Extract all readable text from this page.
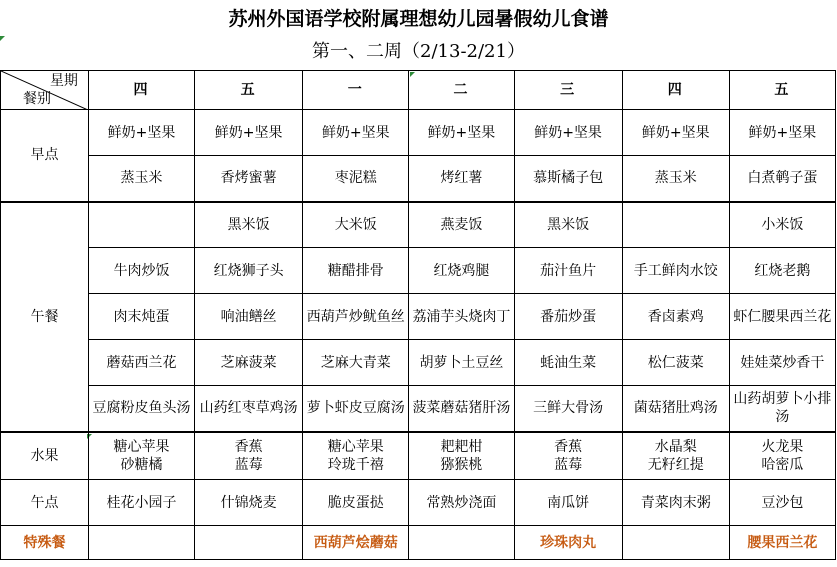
苏州外国语学校附属理想幼儿园暑假幼儿食谱
第一、二周（2/13-2/21）
星期
餐别	四	五	一	二	三	四	五
早点	鲜奶+坚果	鲜奶+坚果	鲜奶+坚果	鲜奶+坚果	鲜奶+坚果	鲜奶+坚果	鲜奶+坚果
	蒸玉米	香烤蜜薯	枣泥糕	烤红薯	慕斯橘子包	蒸玉米	白煮鹌子蛋
午餐		黑米饭	大米饭	燕麦饭	黑米饭		小米饭
	牛肉炒饭	红烧狮子头	糖醋排骨	红烧鸡腿	茄汁鱼片	手工鲜肉水饺	红烧老鹅
	肉末炖蛋	响油鳝丝	西葫芦炒鱿鱼丝	荔浦芋头烧肉丁	番茄炒蛋	香卤素鸡	虾仁腰果西兰花
	蘑菇西兰花	芝麻菠菜	芝麻大青菜	胡萝卜土豆丝	蚝油生菜	松仁菠菜	娃娃菜炒香干
	豆腐粉皮鱼头汤	山药红枣草鸡汤	萝卜虾皮豆腐汤	菠菜蘑菇猪肝汤	三鲜大骨汤	菌菇猪肚鸡汤	山药胡萝卜小排汤
水果	糖心苹果	香蕉	糖心苹果	耙耙柑	香蕉	水晶梨	火龙果
	砂糖橘	蓝莓	玲珑千禧	猕猴桃	蓝莓	无籽红提	哈密瓜
午点	桂花小园子	什锦烧麦	脆皮蛋挞	常熟炒浇面	南瓜饼	青菜肉末粥	豆沙包
特殊餐			西葫芦烩蘑菇		珍珠肉丸		腰果西兰花
